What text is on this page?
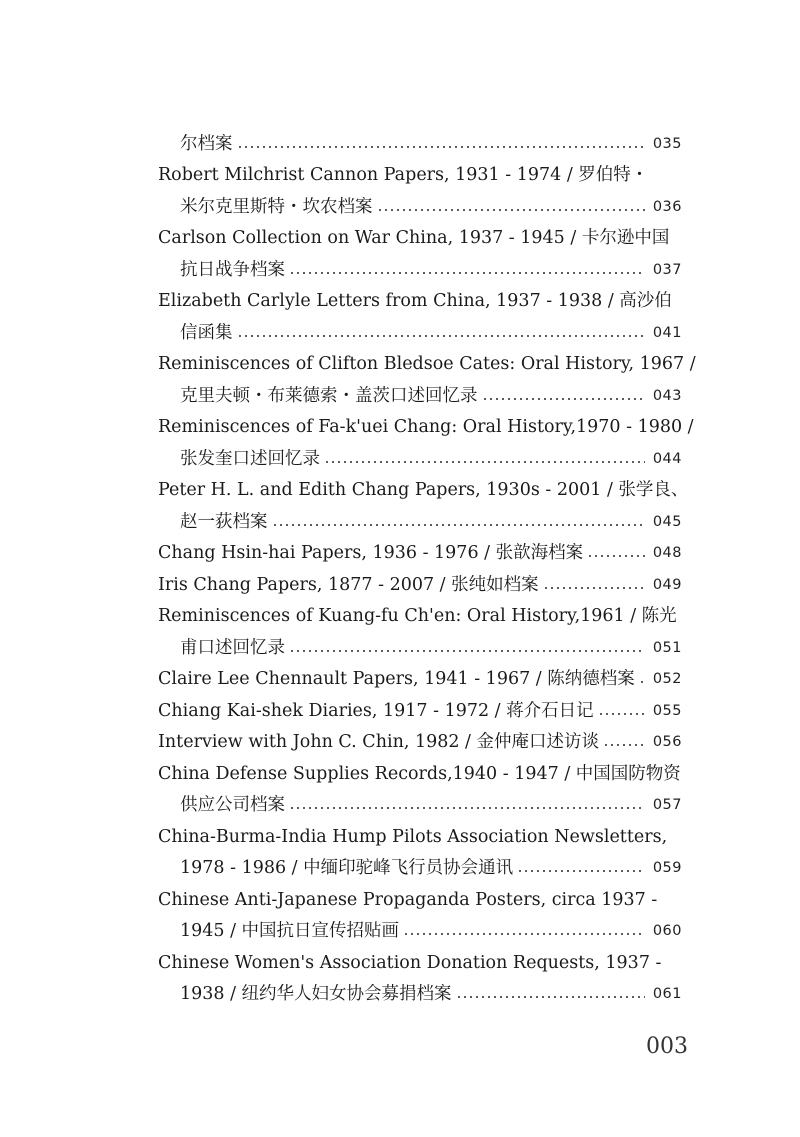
尔档案	035
Robert Milchrist Cannon Papers, 1931 - 1974 / 罗伯特・
米尔克里斯特・坎农档案	036
Carlson Collection on War China, 1937 - 1945 / 卡尔逊中国
抗日战争档案	037
Elizabeth Carlyle Letters from China, 1937 - 1938 / 高沙伯
信函集	041
Reminiscences of Clifton Bledsoe Cates: Oral History, 1967 /
克里夫顿・布莱德索・盖茨口述回忆录	043
Reminiscences of Fa-k'uei Chang: Oral History,1970 - 1980 /
张发奎口述回忆录	044
Peter H. L. and Edith Chang Papers, 1930s - 2001 / 张学良、
赵一荻档案	045
Chang Hsin-hai Papers, 1936 - 1976 / 张歆海档案	048
Iris Chang Papers, 1877 - 2007 / 张纯如档案	049
Reminiscences of Kuang-fu Ch'en: Oral History,1961 / 陈光
甫口述回忆录	051
Claire Lee Chennault Papers, 1941 - 1967 / 陈纳德档案 052
Chiang Kai-shek Diaries, 1917 - 1972 / 蒋介石日记	055
Interview with John C. Chin, 1982 / 金仲庵口述访谈	056
China Defense Supplies Records,1940 - 1947 / 中国国防物资
供应公司档案	057
China-Burma-India Hump Pilots Association Newsletters,
1978 - 1986 / 中缅印驼峰飞行员协会通讯	059
Chinese Anti-Japanese Propaganda Posters, circa 1937 -
1945 / 中国抗日宣传招贴画	060
Chinese Women's Association Donation Requests, 1937 -
1938 / 纽约华人妇女协会募捐档案	061
003
